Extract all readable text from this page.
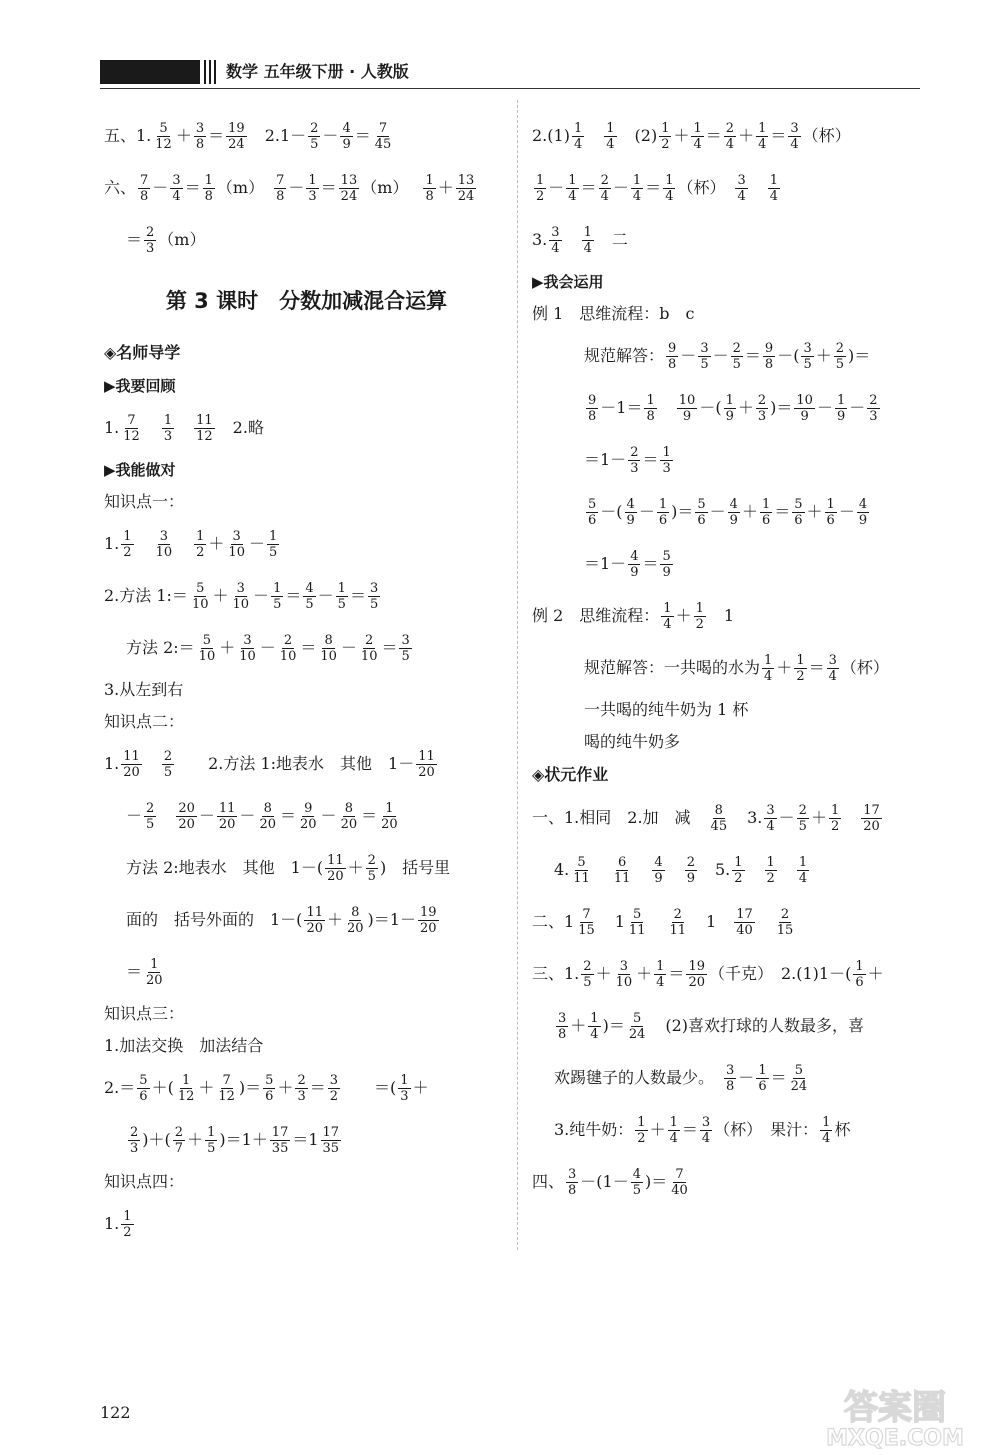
数学 五年级下册 · 人教版
五、1. $\frac{5}{12} + \frac{3}{8} = \frac{19}{24}$ 　$2.1- \frac{2}{5} - \frac{4}{9} = \frac{7}{45}$
六、 $\frac{7}{8} - \frac{3}{4} = \frac{1}{8} (m)$　 $\frac{7}{8} - \frac{1}{3} = \frac{13}{24} (m)$　 $\frac{1}{8} + \frac{13}{24}$
＝ $\frac{2}{3} (m)$
第 3 课时　分数加减混合运算
◈名师导学
▶我要回顾
1. $\frac{7}{12}$
　 $\frac{1}{3}$
　 $\frac{11}{12}$ 　2.略
▶我能做对
知识点一：
1. $\frac{1}{2}$
　 $\frac{3}{10}$
　 $\frac{1}{2} + \frac{3}{10} - \frac{1}{5}$
2.方法 1:＝ $\frac{5}{10} + \frac{3}{10} - \frac{1}{5} = \frac{4}{5} - \frac{1}{5} = \frac{3}{5}$
方法 2:＝ $\frac{5}{10} + \frac{3}{10} - \frac{2}{10} = \frac{8}{10} - \frac{2}{10} = \frac{3}{5}$
3.从左到右
知识点二：
1. $\frac{11}{20}$
　 $\frac{2}{5}$ 　　2.方法 1:地表水　其他　$1- \frac{11}{20}$
－ $\frac{2}{5}$
　 $\frac{20}{20} - \frac{11}{20} - \frac{8}{20} = \frac{9}{20} - \frac{8}{20} = \frac{1}{20}$
方法 2:地表水　其他　$1-( \frac{11}{20} + \frac{2}{5}$ )　括号里
面的　括号外面的　$1-( \frac{11}{20} + \frac{8}{20} )=1- \frac{19}{20}$
＝ $\frac{1}{20}$
知识点三：
1.加法交换　加法结合
$2.= \frac{5}{6}$ ＋( $\frac{1}{12} + \frac{7}{12}$ )＝ $\frac{5}{6} + \frac{2}{3} = \frac{3}{2}$ 　　＝( $\frac{1}{3}$ ＋
$\frac{2}{3}$ )＋( $\frac{2}{7} + \frac{1}{5} )=1+ \frac{17}{35} =1 \frac{17}{35}$
知识点四：
1. $\frac{1}{2}$
$2.(1) \frac{1}{4}$
　 $\frac{1}{4}$ 　$(2) \frac{1}{2} + \frac{1}{4} = \frac{2}{4} + \frac{1}{4} = \frac{3}{4}$ （杯）
$\frac{1}{2} - \frac{1}{4} = \frac{2}{4} - \frac{1}{4} = \frac{1}{4}$ （杯）　 $\frac{3}{4}$
　 $\frac{1}{4}$
3. $\frac{3}{4}$
　 $\frac{1}{4}$ 　二
▶我会运用
例 1　思维流程：b　c
规范解答： $\frac{9}{8} - \frac{3}{5} - \frac{2}{5} = \frac{9}{8}$ －( $\frac{3}{5} + \frac{2}{5}$ )＝
$\frac{9}{8} -1= \frac{1}{8}$
　 $\frac{10}{9}$ －( $\frac{1}{9} + \frac{2}{3}$ )＝ $\frac{10}{9} - \frac{1}{9} - \frac{2}{3}$
$=1- \frac{2}{3} = \frac{1}{3}$
$\frac{5}{6}$ －( $\frac{4}{9} - \frac{1}{6}$ )＝ $\frac{5}{6} - \frac{4}{9} + \frac{1}{6} = \frac{5}{6} + \frac{1}{6} - \frac{4}{9}$
$=1- \frac{4}{9} = \frac{5}{9}$
例 2　思维流程： $\frac{1}{4} + \frac{1}{2}$ 　1
规范解答：一共喝的水为 $\frac{1}{4} + \frac{1}{2} = \frac{3}{4}$ （杯）
一共喝的纯牛奶为 1 杯
喝的纯牛奶多
◈状元作业
一、1.相同　2.加　减　 $\frac{8}{45}$ 　3. $\frac{3}{4} - \frac{2}{5} + \frac{1}{2}$
　 $\frac{17}{20}$
4. $\frac{5}{11}$
　 $\frac{6}{11}$
　 $\frac{4}{9}$
　 $\frac{2}{9}$ 　5. $\frac{1}{2}$
　 $\frac{1}{2}$
　 $\frac{1}{4}$
二、$1 \frac{7}{15}$ 　$1 \frac{5}{11}$
　 $\frac{2}{11}$ 　1　 $\frac{17}{40}$
　 $\frac{2}{15}$
三、1. $\frac{2}{5} + \frac{3}{10} + \frac{1}{4} = \frac{19}{20}$ （千克）　$2.(1)1-( \frac{1}{6}$ ＋
$\frac{3}{8} + \frac{1}{4}$ )＝ $\frac{5}{24}$ 　(2)喜欢打球的人数最多，喜
欢踢毽子的人数最少。　 $\frac{3}{8} - \frac{1}{6} = \frac{5}{24}$
3.纯牛奶： $\frac{1}{2} + \frac{1}{4} = \frac{3}{4}$ （杯）　果汁： $\frac{1}{4}$ 杯
四、 $\frac{3}{8} -(1- \frac{4}{5}$ )＝ $\frac{7}{40}$
122	答案圈
MXQE.COM
